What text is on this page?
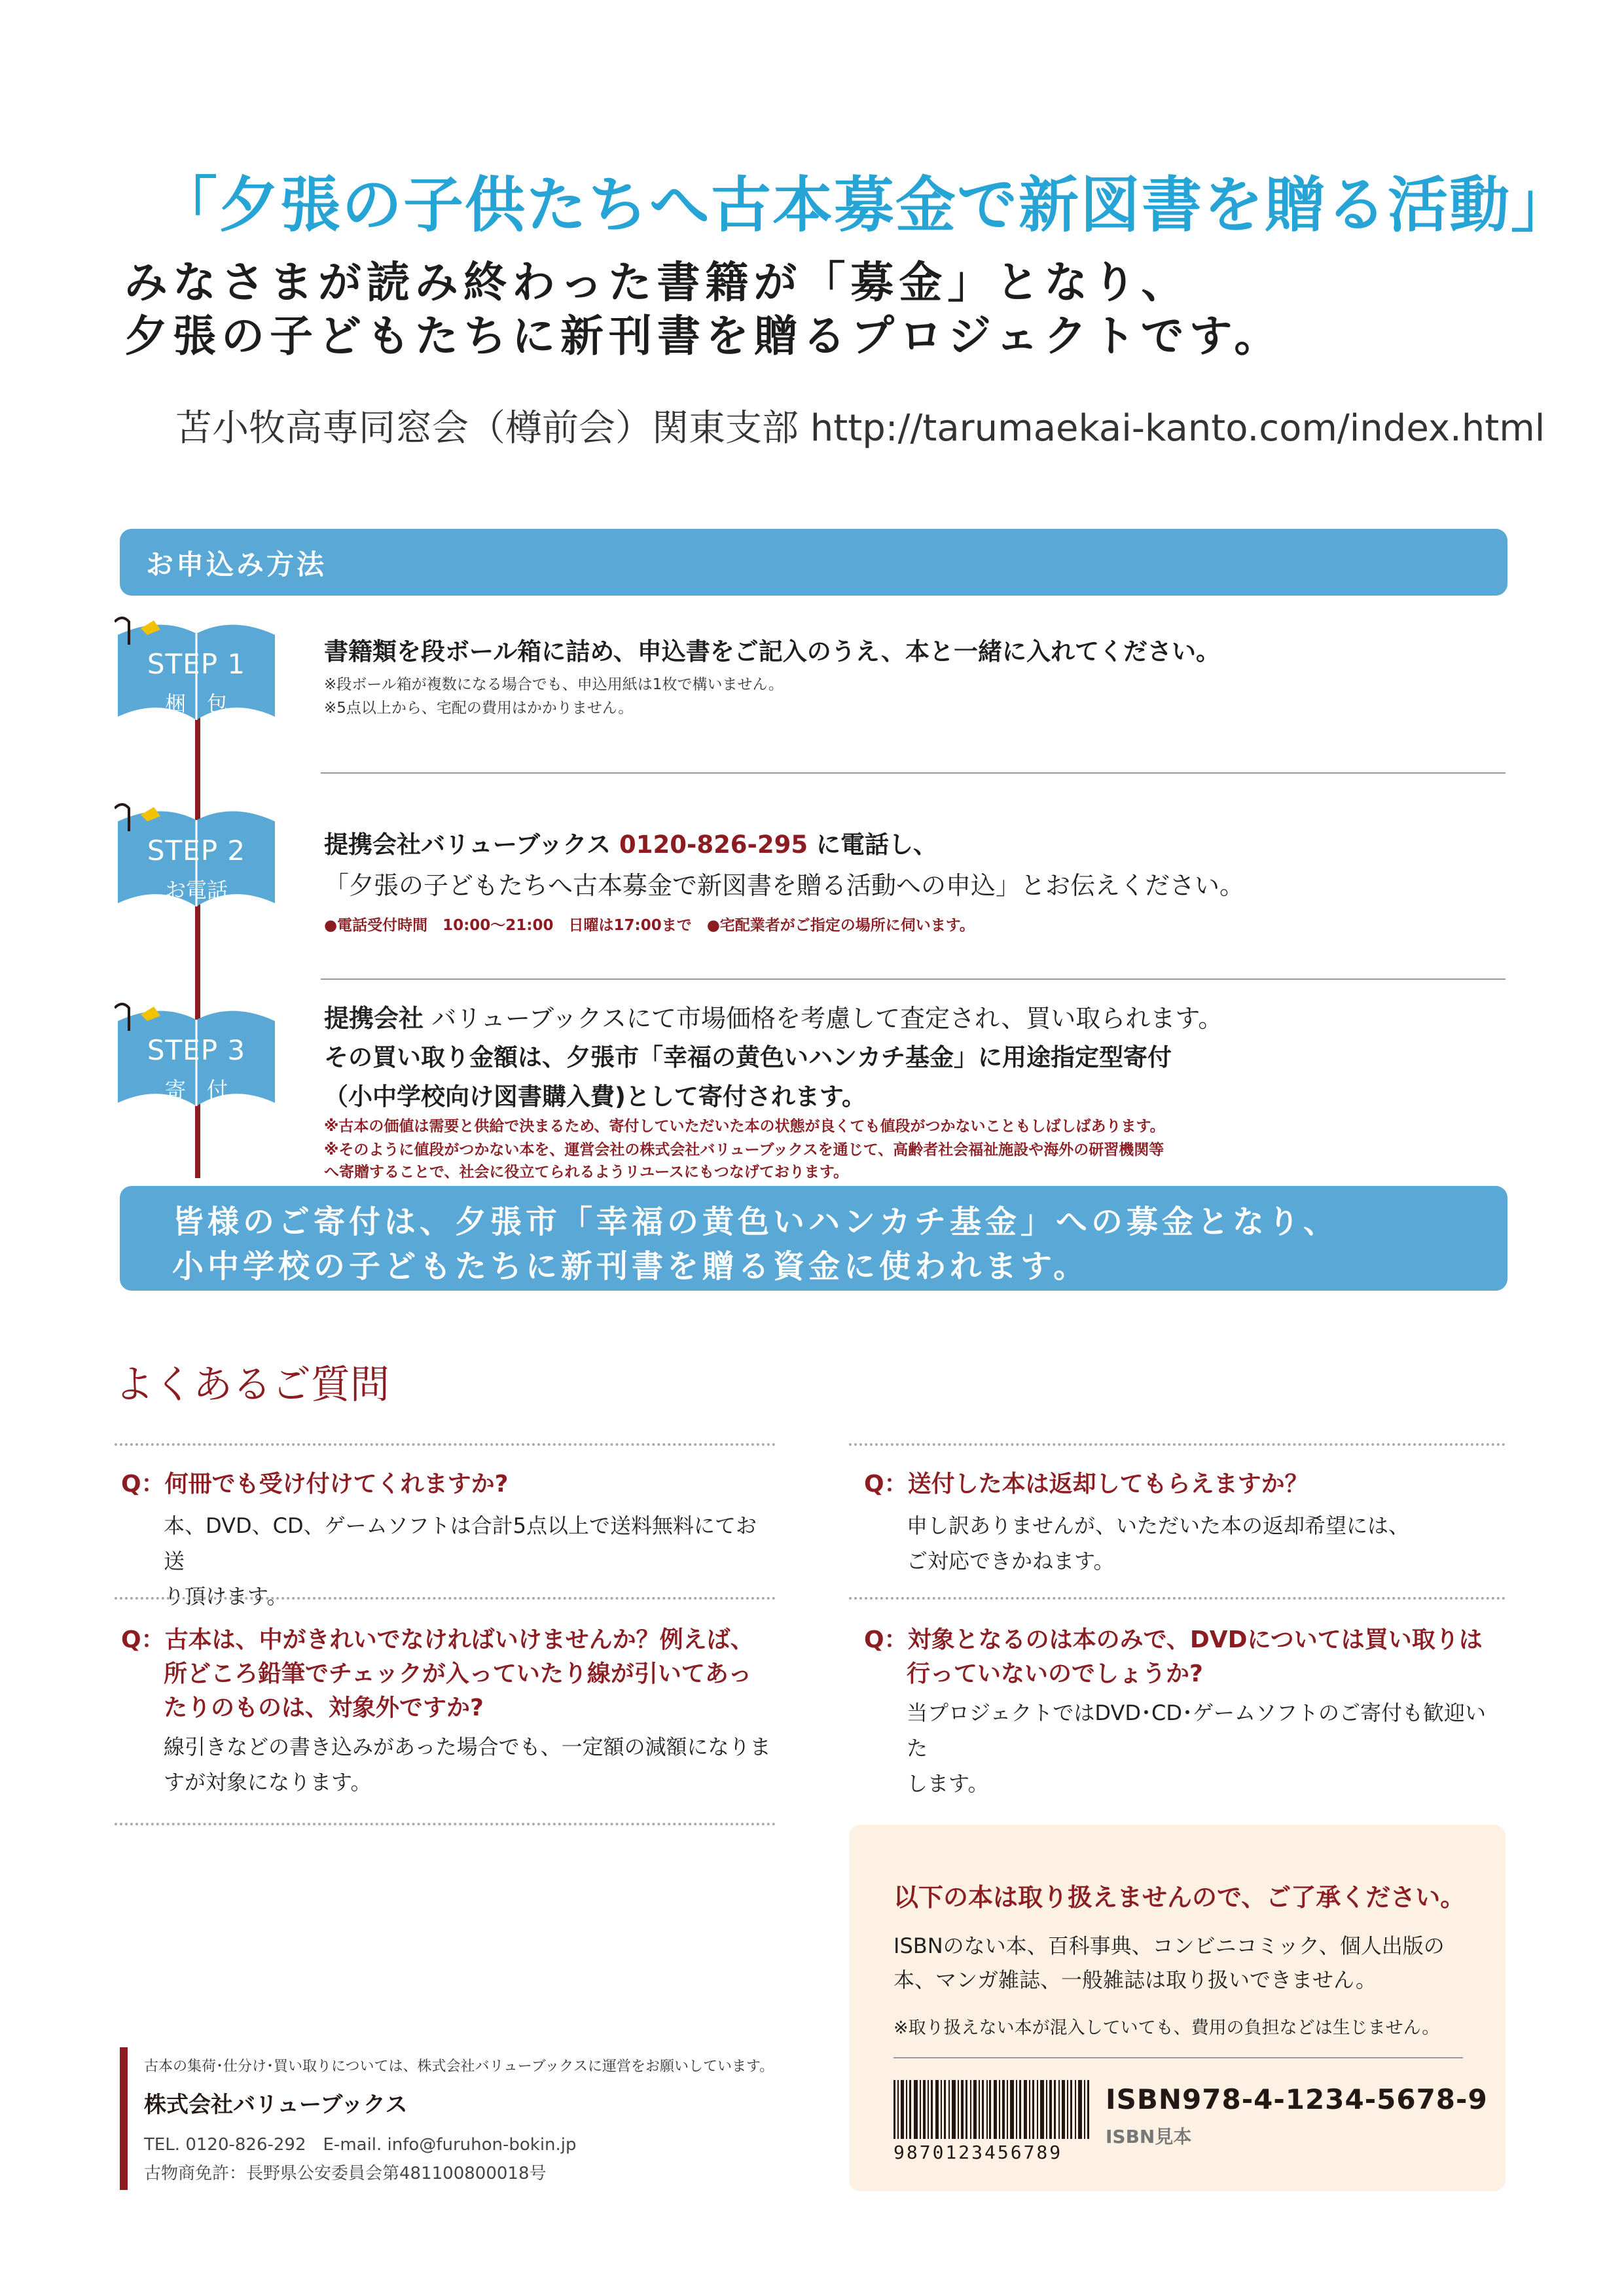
「夕張の子供たちへ古本募金で新図書を贈る活動」
みなさまが読み終わった書籍が「募金」となり、
夕張の子どもたちに新刊書を贈るプロジェクトです。
苫小牧高専同窓会（樽前会）関東支部 http://tarumaekai-kanto.com/index.html
お申込み方法
STEP 1
梱　包
書籍類を段ボール箱に詰め、申込書をご記入のうえ、本と一緒に入れてください。
※段ボール箱が複数になる場合でも、申込用紙は1枚で構いません。
※5点以上から、宅配の費用はかかりません。
STEP 2
お電話
提携会社バリューブックス 0120-826-295 に電話し、
「夕張の子どもたちへ古本募金で新図書を贈る活動への申込」とお伝えください。
●電話受付時間　10:00～21:00　日曜は17:00まで　●宅配業者がご指定の場所に伺います。
STEP 3
寄　付
提携会社 バリューブックスにて市場価格を考慮して査定され、買い取られます。
その買い取り金額は、夕張市「幸福の黄色いハンカチ基金」に用途指定型寄付
（小中学校向け図書購入費)として寄付されます。
※古本の価値は需要と供給で決まるため、寄付していただいた本の状態が良くても値段がつかないこともしばしばあります。
※そのように値段がつかない本を、運営会社の株式会社バリューブックスを通じて、高齢者社会福祉施設や海外の研習機関等
へ寄贈することで、社会に役立てられるようリユースにもつなげております。
皆様のご寄付は、夕張市「幸福の黄色いハンカチ基金」への募金となり、
小中学校の子どもたちに新刊書を贈る資金に使われます。
よくあるご質問
Q：何冊でも受け付けてくれますか?
本、DVD、CD、ゲームソフトは合計5点以上で送料無料にてお送
り頂けます。
Q：送付した本は返却してもらえますか？
申し訳ありませんが、いただいた本の返却希望には、
ご対応できかねます。
Q：古本は、中がきれいでなければいけませんか？例えば、
所どころ鉛筆でチェックが入っていたり線が引いてあっ
たりのものは、対象外ですか?
線引きなどの書き込みがあった場合でも、一定額の減額になりま
すが対象になります。
Q：対象となるのは本のみで、DVDについては買い取りは
行っていないのでしょうか?
当プロジェクトではDVD･CD･ゲームソフトのご寄付も歓迎いた
します。
以下の本は取り扱えませんので、ご了承ください。
ISBNのない本、百科事典、コンビニコミック、個人出版の
本、マンガ雑誌、一般雑誌は取り扱いできません。
※取り扱えない本が混入していても、費用の負担などは生じません。
9870123456789
ISBN978-4-1234-5678-9
ISBN見本
古本の集荷･仕分け･買い取りについては、株式会社バリューブックスに運営をお願いしています。
株式会社バリューブックス
TEL. 0120-826-292　E-mail. info@furuhon-bokin.jp
古物商免許：長野県公安委員会第481100800018号
